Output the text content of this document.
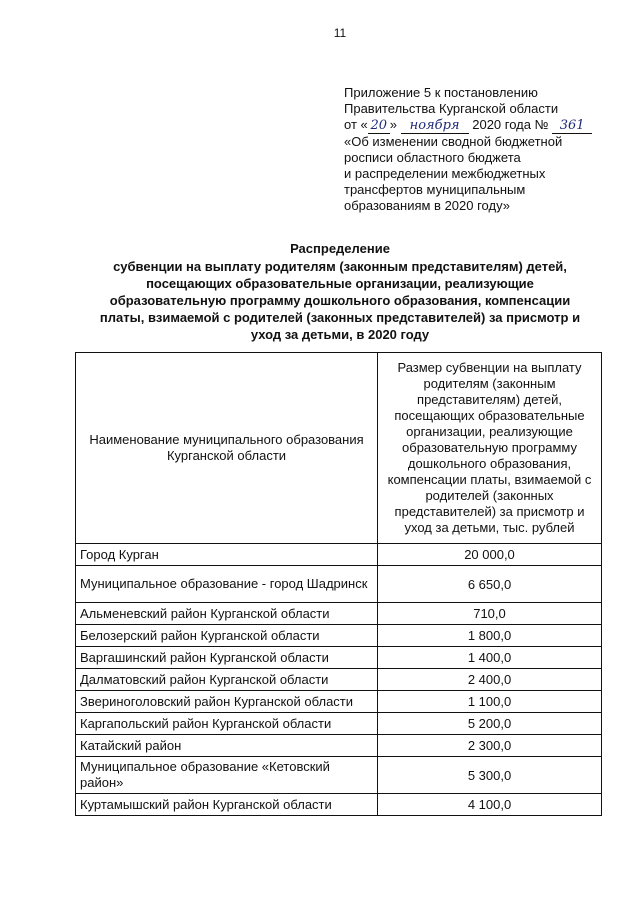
11
Приложение 5 к постановлению
Правительства Курганской области
от « 20 » ноября 2020 года № 361
«Об изменении сводной бюджетной
росписи областного бюджета
и распределении межбюджетных
трансфертов муниципальным
образованиям в 2020 году»
Распределение
субвенции на выплату родителям (законным представителям) детей,
посещающих образовательные организации, реализующие
образовательную программу дошкольного образования, компенсации
платы, взимаемой с родителей (законных представителей) за присмотр и
уход за детьми, в 2020 году
Наименование муниципального образования Курганской области	Размер субвенции на выплату родителям (законным представителям) детей, посещающих образовательные организации, реализующие образовательную программу дошкольного образования, компенсации платы, взимаемой с родителей (законных представителей) за присмотр и уход за детьми, тыс. рублей
Город Курган	20 000,0
Муниципальное образование - город Шадринск	6 650,0
Альменевский район Курганской области	710,0
Белозерский район Курганской области	1 800,0
Варгашинский район Курганской области	1 400,0
Далматовский район Курганской области	2 400,0
Звериноголовский район Курганской области	1 100,0
Каргапольский район Курганской области	5 200,0
Катайский район	2 300,0
Муниципальное образование «Кетовский район»	5 300,0
Куртамышский район Курганской области	4 100,0
